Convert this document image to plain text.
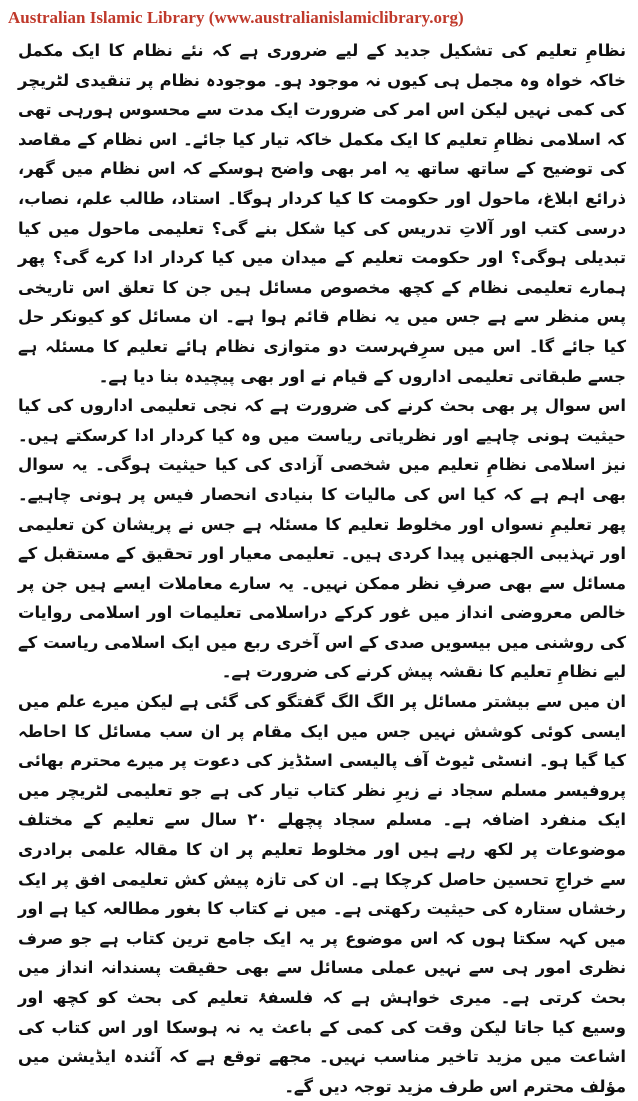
Australian Islamic Library (www.australianislamiclibrary.org)

نظامِ تعلیم کی تشکیل جدید کے لیے ضروری ہے کہ نئے نظام کا ایک مکمل خاکہ خواہ وہ مجمل ہی کیوں نہ موجود ہو۔ موجودہ نظام پر تنقیدی لٹریچر کی کمی نہیں لیکن اس امر کی ضرورت ایک مدت سے محسوس ہورہی تھی کہ اسلامی نظامِ تعلیم کا ایک مکمل خاکہ تیار کیا جائے۔ اس نظام کے مقاصد کی توضیح کے ساتھ ساتھ یہ امر بھی واضح ہوسکے کہ اس نظام میں گھر، ذرائع ابلاغ، ماحول اور حکومت کا کیا کردار ہوگا۔ استاد، طالب علم، نصاب، درسی کتب اور آلاتِ تدریس کی کیا شکل بنے گی؟ تعلیمی ماحول میں کیا تبدیلی ہوگی؟ اور حکومت تعلیم کے میدان میں کیا کردار ادا کرے گی؟ پھر ہمارے تعلیمی نظام کے کچھ مخصوص مسائل ہیں جن کا تعلق اس تاریخی پس منظر سے ہے جس میں یہ نظام قائم ہوا ہے۔ ان مسائل کو کیونکر حل کیا جائے گا۔ اس میں سرِفہرست دو متوازی نظام ہائے تعلیم کا مسئلہ ہے جسے طبقاتی تعلیمی اداروں کے قیام نے اور بھی پیچیدہ بنا دیا ہے۔

اس سوال پر بھی بحث کرنے کی ضرورت ہے کہ نجی تعلیمی اداروں کی کیا حیثیت ہونی چاہیے اور نظریاتی ریاست میں وہ کیا کردار ادا کرسکتے ہیں۔ نیز اسلامی نظامِ تعلیم میں شخصی آزادی کی کیا حیثیت ہوگی۔ یہ سوال بھی اہم ہے کہ کیا اس کی مالیات کا بنیادی انحصار فیس پر ہونی چاہیے۔ پھر تعلیمِ نسواں اور مخلوط تعلیم کا مسئلہ ہے جس نے پریشان کن تعلیمی اور تہذیبی الجھنیں پیدا کردی ہیں۔ تعلیمی معیار اور تحقیق کے مستقبل کے مسائل سے بھی صرفِ نظر ممکن نہیں۔ یہ سارے معاملات ایسے ہیں جن پر خالص معروضی انداز میں غور کرکے دراسلامی تعلیمات اور اسلامی روایات کی روشنی میں بیسویں صدی کے اس آخری ربع میں ایک اسلامی ریاست کے لیے نظامِ تعلیم کا نقشہ پیش کرنے کی ضرورت ہے۔

ان میں سے بیشتر مسائل پر الگ الگ گفتگو کی گئی ہے لیکن میرے علم میں ایسی کوئی کوشش نہیں جس میں ایک مقام پر ان سب مسائل کا احاطہ کیا گیا ہو۔ انسٹی ٹیوٹ آف پالیسی اسٹڈیز کی دعوت پر میرے محترم بھائی پروفیسر مسلم سجاد نے زیرِ نظر کتاب تیار کی ہے جو تعلیمی لٹریچر میں ایک منفرد اضافہ ہے۔ مسلم سجاد پچھلے ۲۰ سال سے تعلیم کے مختلف موضوعات پر لکھ رہے ہیں اور مخلوط تعلیم پر ان کا مقالہ علمی برادری سے خراجِ تحسین حاصل کرچکا ہے۔ ان کی تازہ پیش کش تعلیمی افق پر ایک رخشاں ستارہ کی حیثیت رکھتی ہے۔ میں نے کتاب کا بغور مطالعہ کیا ہے اور میں کہہ سکتا ہوں کہ اس موضوع پر یہ ایک جامع ترین کتاب ہے جو صرف نظری امور ہی سے نہیں عملی مسائل سے بھی حقیقت پسندانہ انداز میں بحث کرتی ہے۔ میری خواہش ہے کہ فلسفۂ تعلیم کی بحث کو کچھ اور وسیع کیا جاتا لیکن وقت کی کمی کے باعث یہ نہ ہوسکا اور اس کتاب کی اشاعت میں مزید تاخیر مناسب نہیں۔ مجھے توقع ہے کہ آئندہ ایڈیشن میں مؤلف محترم اس طرف مزید توجہ دیں گے۔
